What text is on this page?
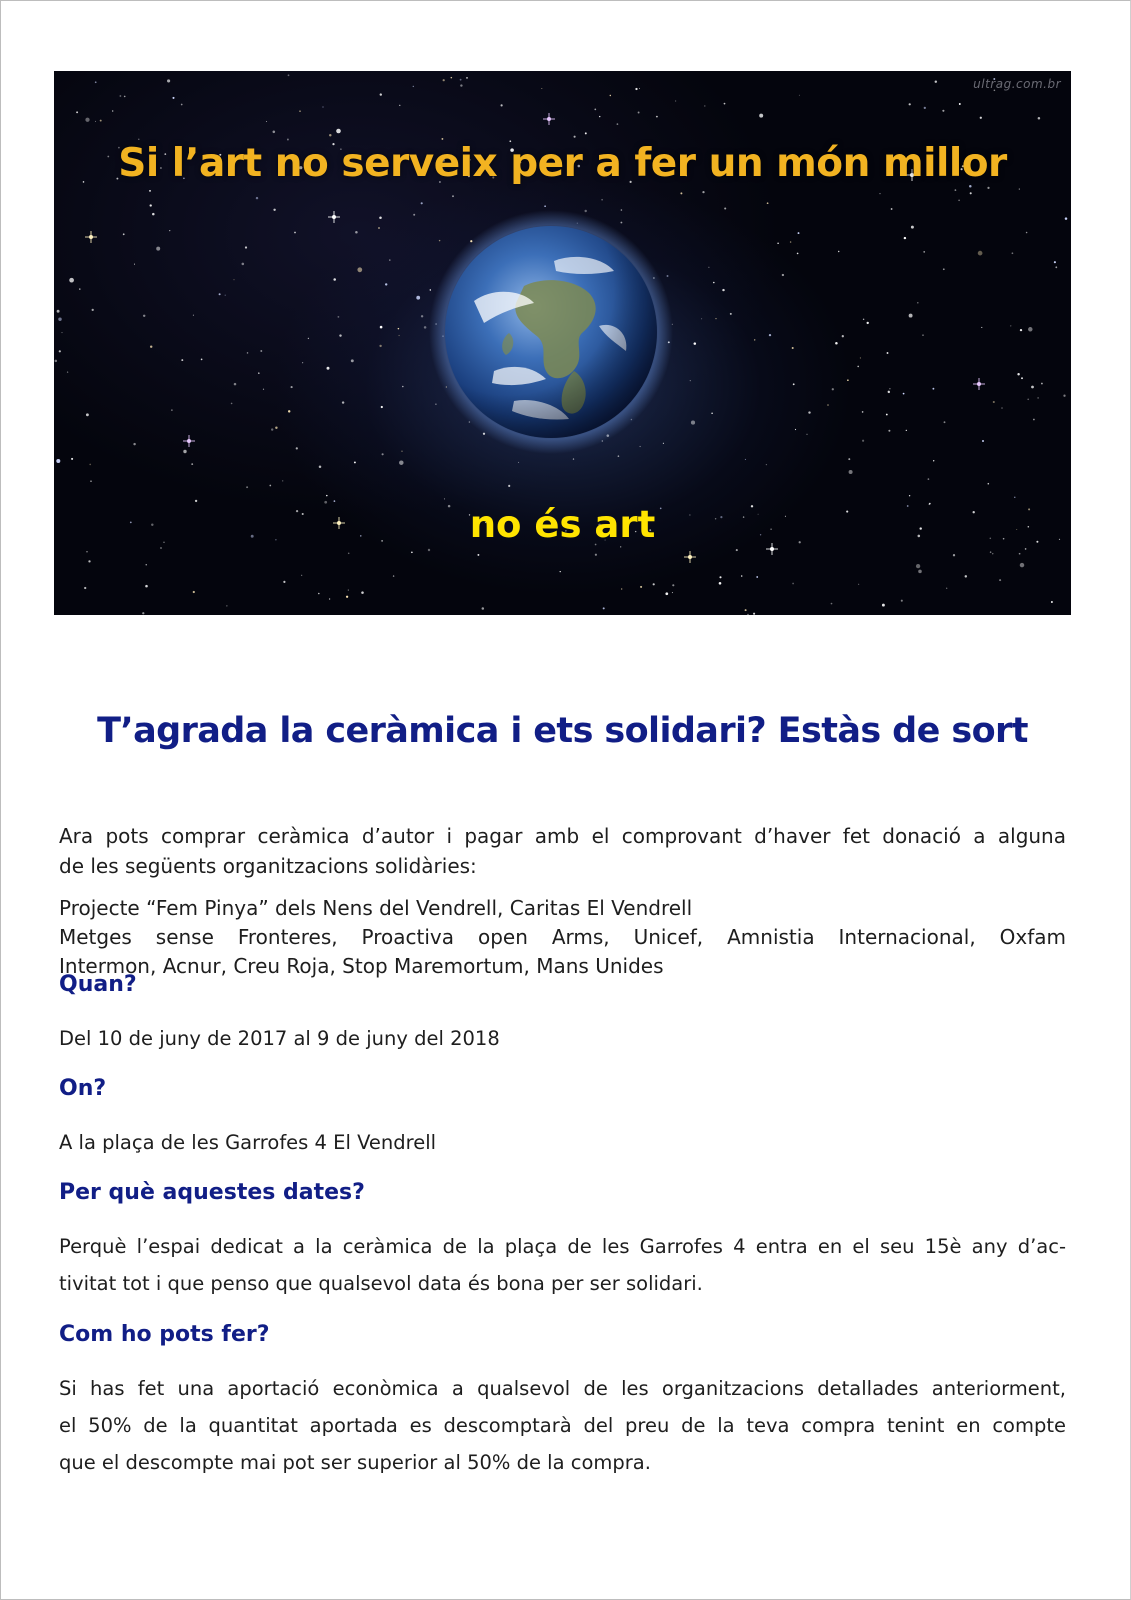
ultrag.com.br
Si l’art no serveix per a fer un món millor
no és art
T’agrada la ceràmica i ets solidari? Estàs de sort

Ara pots comprar ceràmica d’autor i pagar amb el comprovant d’haver fet donació a alguna
de les següents organitzacions solidàries:

Projecte “Fem Pinya” dels Nens del Vendrell, Caritas El Vendrell
Metges sense Fronteres, Proactiva open Arms, Unicef, Amnistia Internacional, Oxfam
Intermon, Acnur, Creu Roja, Stop Maremortum, Mans Unides

Quan?

Del 10 de juny de 2017 al 9 de juny del 2018

On?

A la plaça de les Garrofes 4 El Vendrell

Per què aquestes dates?

Perquè l’espai dedicat a la ceràmica de la plaça de les Garrofes 4 entra en el seu 15è any d’ac-
tivitat tot i que penso que qualsevol data és bona per ser solidari.

Com ho pots fer?

Si has fet una aportació econòmica a qualsevol de les organitzacions detallades anteriorment,
el 50% de la quantitat aportada es descomptarà del preu de la teva compra tenint en compte
que el descompte mai pot ser superior al 50% de la compra.
